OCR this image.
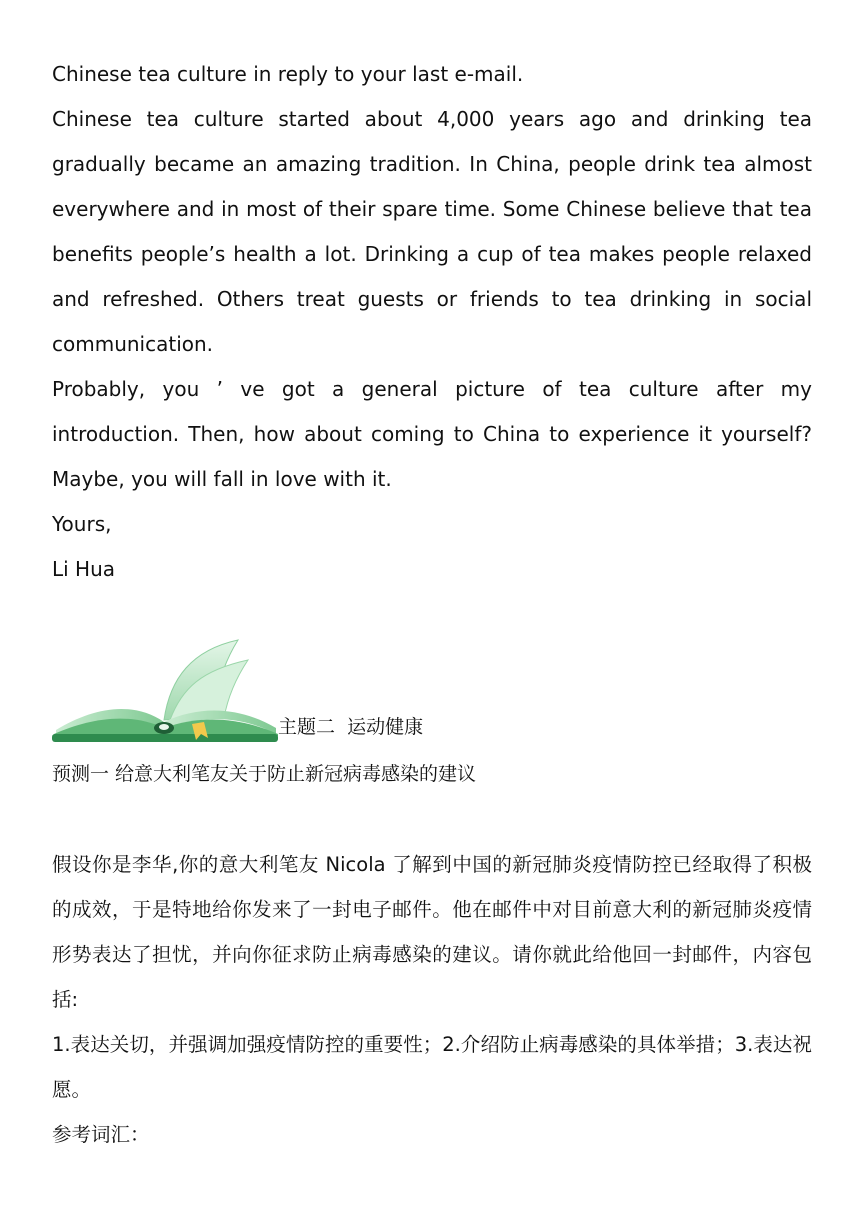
Chinese tea culture in reply to your last e-mail.

Chinese tea culture started about 4,000 years ago and drinking tea gradually became an amazing tradition. In China, people drink tea almost everywhere and in most of their spare time. Some Chinese believe that tea benefits people’s health a lot. Drinking a cup of tea makes people relaxed and refreshed. Others treat guests or friends to tea drinking in social communication.

Probably, you ’ ve got a general picture of tea culture after my introduction. Then, how about coming to China to experience it yourself? Maybe, you will fall in love with it.

Yours,

Li Hua

主题二  运动健康
预测一 给意大利笔友关于防止新冠病毒感染的建议

假设你是李华,你的意大利笔友 Nicola 了解到中国的新冠肺炎疫情防控已经取得了积极的成效，于是特地给你发来了一封电子邮件。他在邮件中对目前意大利的新冠肺炎疫情形势表达了担忧，并向你征求防止病毒感染的建议。请你就此给他回一封邮件，内容包括:

1.表达关切，并强调加强疫情防控的重要性；2.介绍防止病毒感染的具体举措；3.表达祝愿。

参考词汇：
